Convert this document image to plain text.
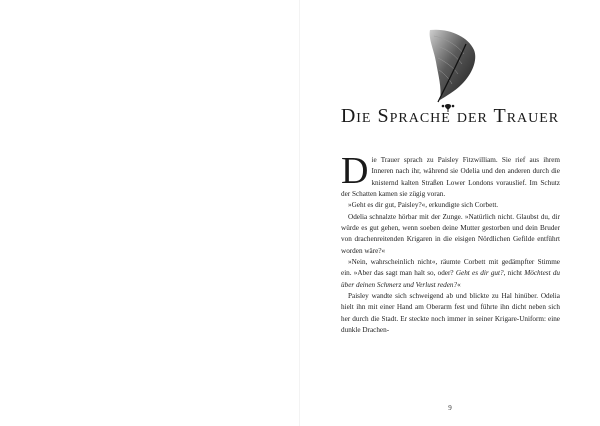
Die Sprache der Trauer

Die Trauer sprach zu Paisley Fitzwilliam. Sie rief aus ihrem Inneren nach ihr, während sie Odelia und den anderen durch die knisternd kalten Straßen Lower Londons vorauslief. Im Schutz der Schatten kamen sie zügig voran.

»Geht es dir gut, Paisley?«, erkundigte sich Corbett.

Odelia schnalzte hörbar mit der Zunge. »Natürlich nicht. Glaubst du, dir würde es gut gehen, wenn soeben deine Mutter gestorben und dein Bruder von drachenreitenden Krigaren in die eisigen Nördlichen Gefilde entführt worden wäre?«

»Nein, wahrscheinlich nicht«, räumte Corbett mit gedämpfter Stimme ein. »Aber das sagt man halt so, oder? Geht es dir gut?, nicht Möchtest du über deinen Schmerz und Verlust reden?«

Paisley wandte sich schweigend ab und blickte zu Hal hinüber. Odelia hielt ihn mit einer Hand am Oberarm fest und führte ihn dicht neben sich her durch die Stadt. Er steckte noch immer in seiner Krigare-Uniform: eine dunkle Drachen-

9
